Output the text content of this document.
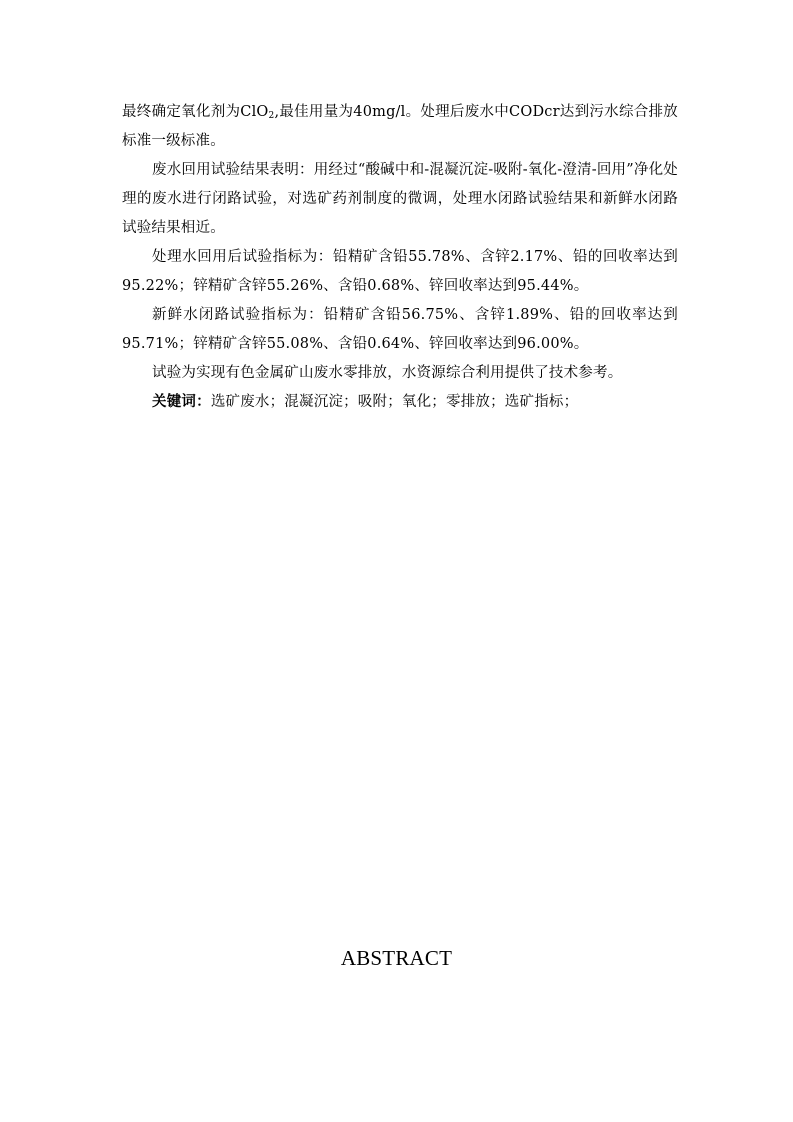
最终确定氧化剂为ClO$_2$,最佳用量为40mg/l。处理后废水中CODcr达到污水综合排放标准一级标准。

废水回用试验结果表明：用经过“酸碱中和-混凝沉淀-吸附-氧化-澄清-回用”净化处理的废水进行闭路试验，对选矿药剂制度的微调，处理水闭路试验结果和新鲜水闭路试验结果相近。

处理水回用后试验指标为：铅精矿含铅55.78%、含锌2.17%、铅的回收率达到95.22%；锌精矿含锌55.26%、含铅0.68%、锌回收率达到95.44%。

新鲜水闭路试验指标为：铅精矿含铅56.75%、含锌1.89%、铅的回收率达到95.71%；锌精矿含锌55.08%、含铅0.64%、锌回收率达到96.00%。

试验为实现有色金属矿山废水零排放，水资源综合利用提供了技术参考。

关键词：选矿废水；混凝沉淀；吸附；氧化；零排放；选矿指标；

ABSTRACT
